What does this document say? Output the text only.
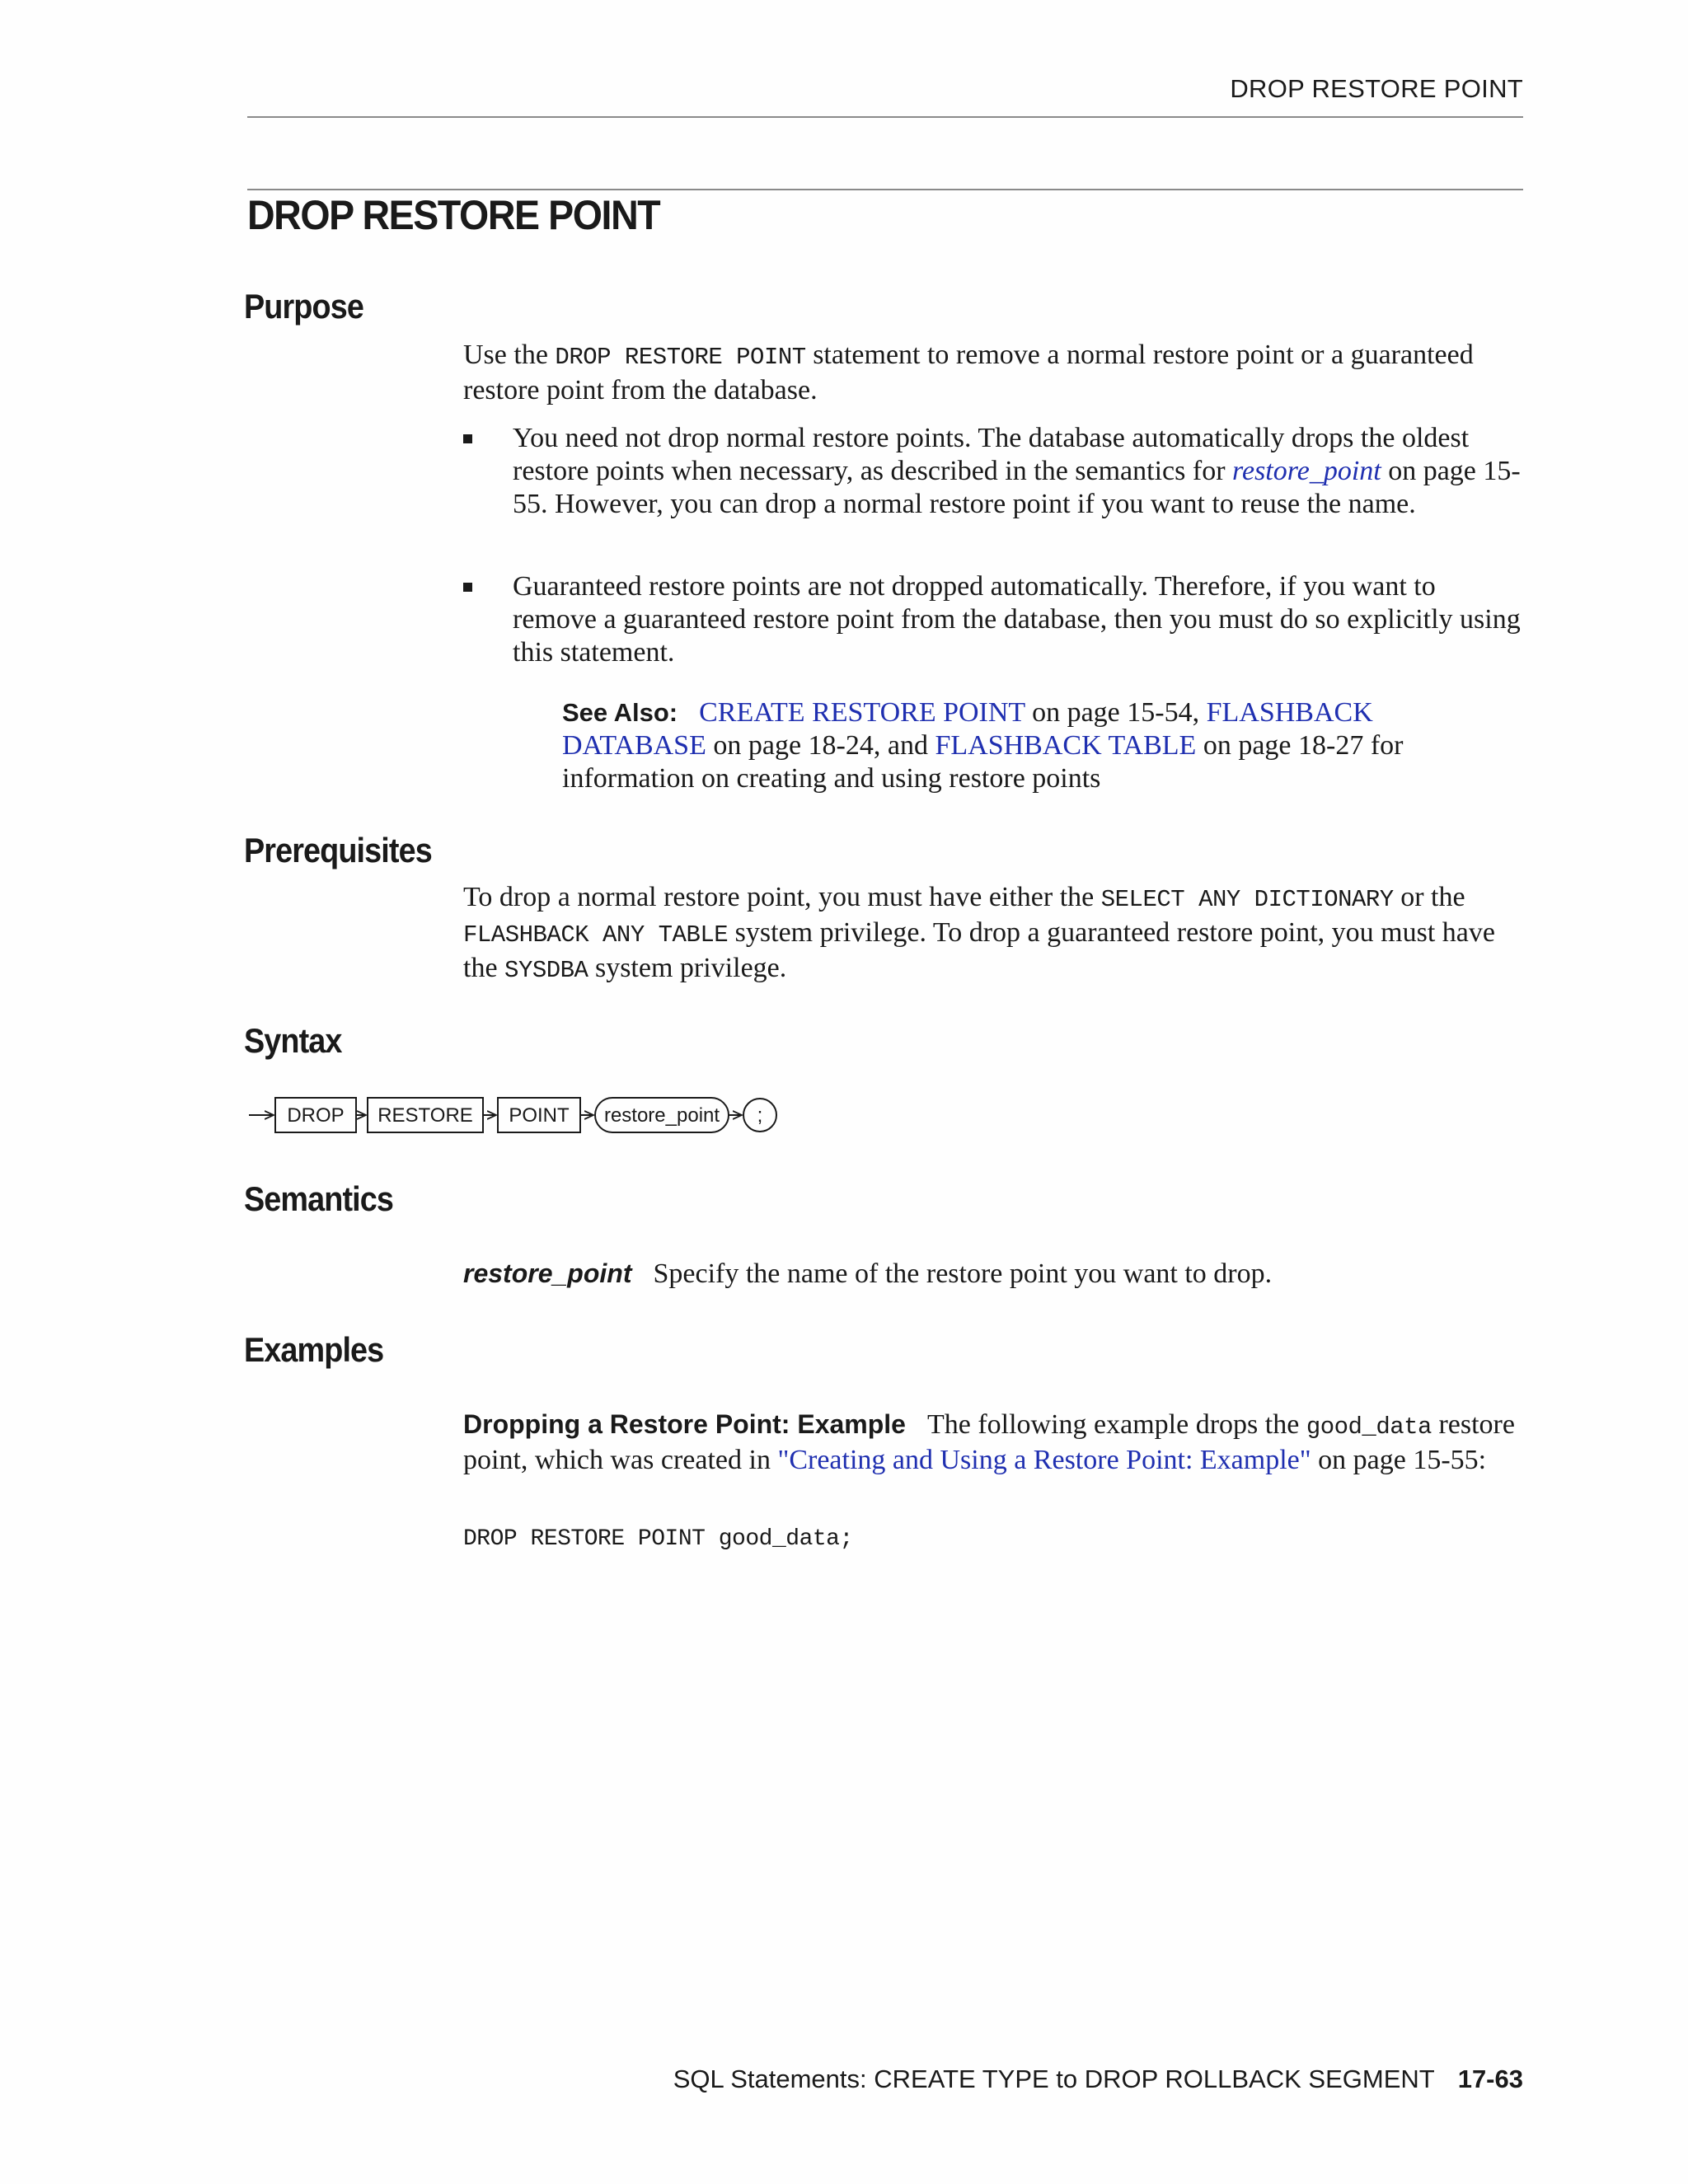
DROP RESTORE POINT
DROP RESTORE POINT
Purpose

Use the DROP RESTORE POINT statement to remove a normal restore point or a guaranteed restore point from the database.

You need not drop normal restore points. The database automatically drops the oldest restore points when necessary, as described in the semantics for restore_point on page 15-55. However, you can drop a normal restore point if you want to reuse the name.
Guaranteed restore points are not dropped automatically. Therefore, if you want to remove a guaranteed restore point from the database, then you must do so explicitly using this statement.
See Also: CREATE RESTORE POINT on page 15-54, FLASHBACK DATABASE on page 18-24, and FLASHBACK TABLE on page 18-27 for information on creating and using restore points
Prerequisites

To drop a normal restore point, you must have either the SELECT ANY DICTIONARY or the FLASHBACK ANY TABLE system privilege. To drop a guaranteed restore point, you must have the SYSDBA system privilege.

Syntax
DROP RESTORE POINT restore_point ;
Semantics

restore_point Specify the name of the restore point you want to drop.

Examples

Dropping a Restore Point: Example The following example drops the good_data restore point, which was created in "Creating and Using a Restore Point: Example" on page 15-55:

DROP RESTORE POINT good_data;
SQL Statements: CREATE TYPE to DROP ROLLBACK SEGMENT 17-63
